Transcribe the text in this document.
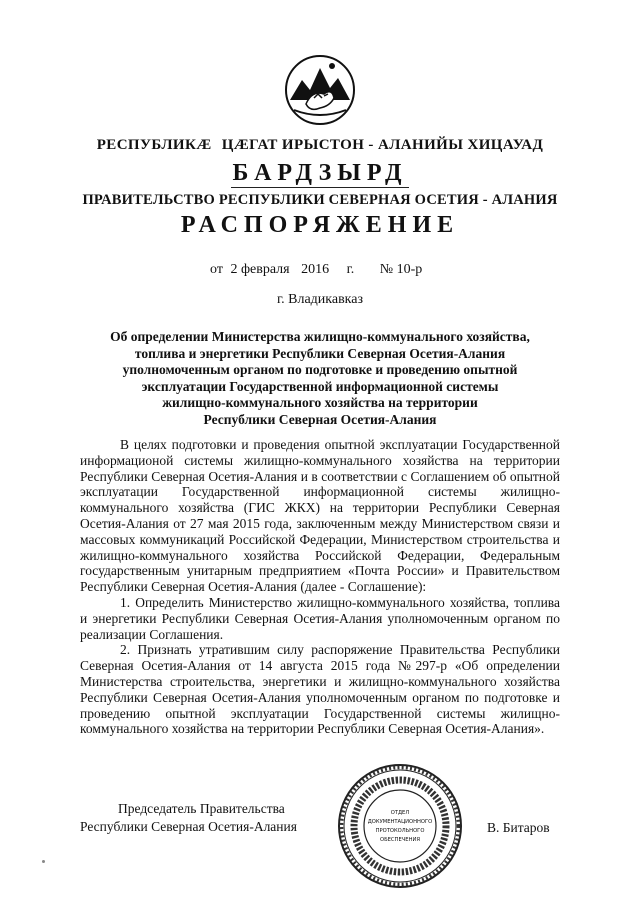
РЕСПУБЛИКÆ ЦÆГАТ ИРЫСТОН - АЛАНИЙЫ ХИЦАУАД
БАРДЗЫРД
ПРАВИТЕЛЬСТВО РЕСПУБЛИКИ СЕВЕРНАЯ ОСЕТИЯ - АЛАНИЯ
РАСПОРЯЖЕНИЕ
от 2 февраля 2016 г. № 10-р
г. Владикавказ
Об определении Министерства жилищно-коммунального хозяйства,
топлива и энергетики Республики Северная Осетия-Алания
уполномоченным органом по подготовке и проведению опытной
эксплуатации Государственной информационной системы
жилищно-коммунального хозяйства на территории
Республики Северная Осетия-Алания

В целях подготовки и проведения опытной эксплуатации Государственной информационой системы жилищно-коммунального хозяйства на территории Республики Северная Осетия-Алания и в соответствии с Соглашением об опытной эксплуатации Государственной информационной системы жилищно-коммунального хозяйства (ГИС ЖКХ) на территории Республики Северная Осетия-Алания от 27 мая 2015 года, заключенным между Министерством связи и массовых коммуникаций Российской Федерации, Министерством строительства и жилищно-коммунального хозяйства Российской Федерации, Федеральным государственным унитарным предприятием «Почта России» и Правительством Республики Северная Осетия-Алания (далее - Соглашение):

1. Определить Министерство жилищно-коммунального хозяйства, топлива и энергетики Республики Северная Осетия-Алания уполномоченным органом по реализации Соглашения.

2. Признать утратившим силу распоряжение Правительства Республики Северная Осетия-Алания от 14 августа 2015 года №297-р «Об определении Министерства строительства, энергетики и жилищно-коммунального хозяйства Республики Северная Осетия-Алания уполномоченным органом по подготовке и проведению опытной эксплуатации Государственной системы жилищно-коммунального хозяйства на территории Республики Северная Осетия-Алания».

ОТДЕЛ
ДОКУМЕНТАЦИОННОГО
ПРОТОКОЛЬНОГО
ОБЕСПЕЧЕНИЯ
Председатель Правительства
Республики Северная Осетия-Алания	В. Битаров
